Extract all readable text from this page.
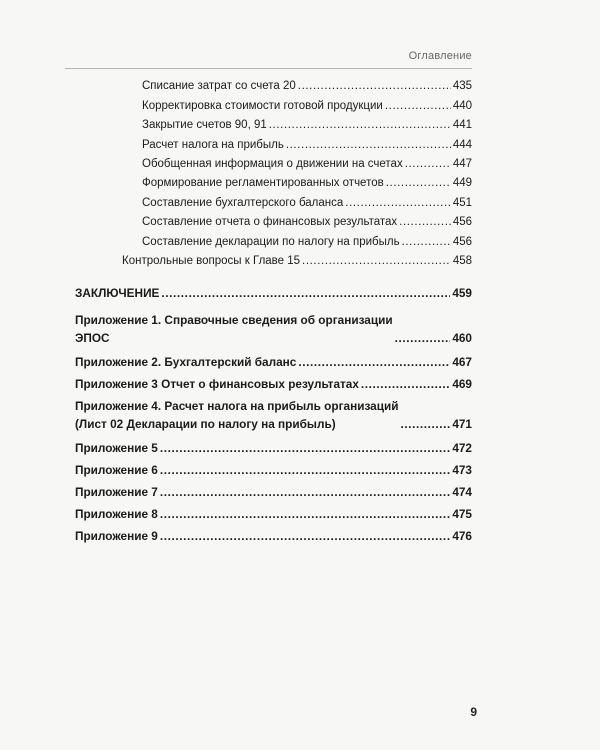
Оглавление
Списание затрат со счета 20 .....	435
Корректировка стоимости готовой продукции .....	440
Закрытие счетов 90, 91 .....	441
Расчет налога на прибыль .....	444
Обобщенная информация о движении на счетах .....	447
Формирование регламентированных отчетов .....	449
Составление бухгалтерского баланса .....	451
Составление отчета о финансовых результатах .....	456
Составление декларации по налогу на прибыль .....	456
Контрольные вопросы к Главе 15 .....	458
ЗАКЛЮЧЕНИЕ .....	459
Приложение 1. Справочные сведения об организации
ЭПОС .....	460
Приложение 2. Бухгалтерский баланс .....	467
Приложение 3 Отчет о финансовых результатах .....	469
Приложение 4. Расчет налога на прибыль организаций
(Лист 02 Декларации по налогу на прибыль) .....	471
Приложение 5 .....	472
Приложение 6 .....	473
Приложение 7 .....	474
Приложение 8 .....	475
Приложение 9 .....	476
9
